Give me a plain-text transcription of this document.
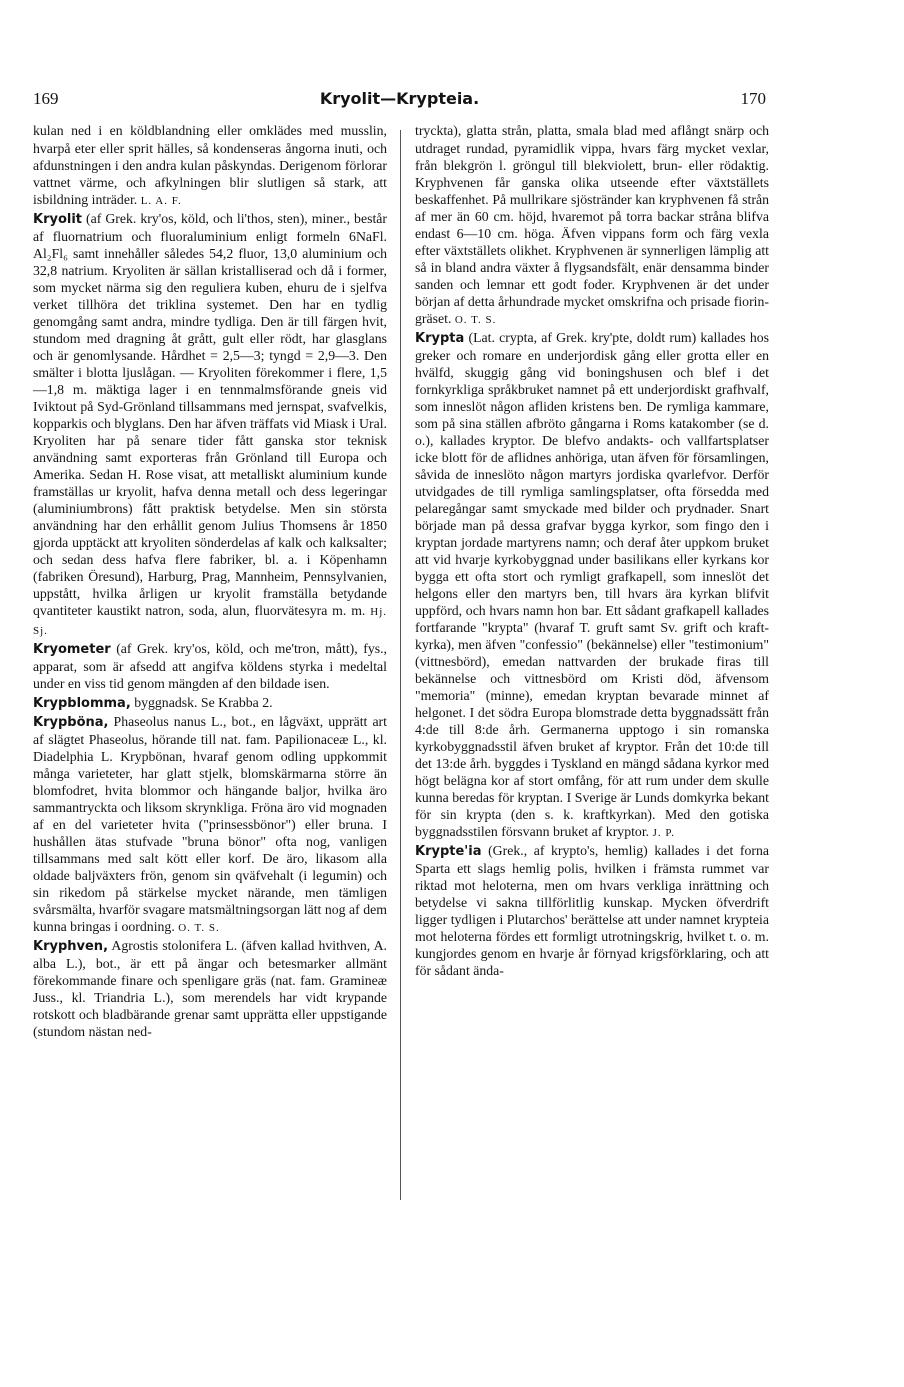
169	Kryolit—Krypteia.	170

kulan ned i en köldblandning eller omklädes med musslin, hvarpå eter eller sprit hälles, så kondenseras ångorna inuti, och afdunstningen i den andra kulan påskyndas. Derigenom förlorar vattnet värme, och afkylningen blir slutligen så stark, att isbildning inträder. L. A. F.

Kryolit (af Grek. kry'os, köld, och li'thos, sten), miner., består af fluornatrium och fluoraluminium enligt formeln 6NaFl. Al₂Fl₆ samt innehåller således 54,2 fluor, 13,0 aluminium och 32,8 natrium. Kryoliten är sällan kristalliserad och då i former, som mycket närma sig den reguliera kuben, ehuru de i sjelfva verket tillhöra det triklina systemet. Den har en tydlig genomgång samt andra, mindre tydliga. Den är till färgen hvit, stundom med dragning åt grått, gult eller rödt, har glasglans och är genomlysande. Hårdhet = 2,5—3; tyngd = 2,9—3. Den smälter i blotta ljuslågan. — Kryoliten förekommer i flere, 1,5—1,8 m. mäktiga lager i en tennmalmsförande gneis vid Iviktout på Syd-Grönland tillsammans med jernspat, svafvelkis, kopparkis och blyglans. Den har äfven träffats vid Miask i Ural. Kryoliten har på senare tider fått ganska stor teknisk användning samt exporteras från Grönland till Europa och Amerika. Sedan H. Rose visat, att metalliskt aluminium kunde framställas ur kryolit, hafva denna metall och dess legeringar (aluminiumbrons) fått praktisk betydelse. Men sin största användning har den erhållit genom Julius Thomsens år 1850 gjorda upptäckt att kryoliten sönderdelas af kalk och kalksalter; och sedan dess hafva flere fabriker, bl. a. i Köpenhamn (fabriken Öresund), Harburg, Prag, Mannheim, Pennsylvanien, uppstått, hvilka årligen ur kryolit framställa betydande qvantiteter kaustikt natron, soda, alun, fluorvätesyra m. m. Hj. Sj.

Kryometer (af Grek. kry'os, köld, och me'tron, mått), fys., apparat, som är afsedd att angifva köldens styrka i medeltal under en viss tid genom mängden af den bildade isen.

Krypblomma, byggnadsk. Se Krabba 2.

Krypböna, Phaseolus nanus L., bot., en lågväxt, upprätt art af slägtet Phaseolus, hörande till nat. fam. Papilionaceæ L., kl. Diadelphia L. Krypbönan, hvaraf genom odling uppkommit många varieteter, har glatt stjelk, blomskärmarna större än blomfodret, hvita blommor och hängande baljor, hvilka äro sammantryckta och liksom skrynkliga. Fröna äro vid mognaden af en del varieteter hvita ("prinsessbönor") eller bruna. I hushållen ätas stufvade "bruna bönor" ofta nog, vanligen tillsammans med salt kött eller korf. De äro, likasom alla oldade baljväxters frön, genom sin qväfvehalt (i legumin) och sin rikedom på stärkelse mycket närande, men tämligen svårsmälta, hvarför svagare matsmältningsorgan lätt nog af dem kunna bringas i oordning. O. T. S.

Kryphven, Agrostis stolonifera L. (äfven kallad hvithven, A. alba L.), bot., är ett på ängar och betesmarker allmänt förekommande finare och spenligare gräs (nat. fam. Gramineæ Juss., kl. Triandria L.), som merendels har vidt krypande rotskott och bladbärande grenar samt upprätta eller uppstigande (stundom nästan ned-

tryckta), glatta strån, platta, smala blad med aflångt snärp och utdraget rundad, pyramidlik vippa, hvars färg mycket vexlar, från blekgrön l. gröngul till blekviolett, brun- eller rödaktig. Kryphvenen får ganska olika utseende efter växtställets beskaffenhet. På mullrikare sjöstränder kan kryphvenen få strån af mer än 60 cm. höjd, hvaremot på torra backar stråna blifva endast 6—10 cm. höga. Äfven vippans form och färg vexla efter växtställets olikhet. Kryphvenen är synnerligen lämplig att så in bland andra växter å flygsandsfält, enär densamma binder sanden och lemnar ett godt foder. Kryphvenen är det under början af detta århundrade mycket omskrifna och prisade fiorin-gräset. O. T. S.

Krypta (Lat. crypta, af Grek. kry'pte, doldt rum) kallades hos greker och romare en underjordisk gång eller grotta eller en hvälfd, skuggig gång vid boningshusen och blef i det fornkyrkliga språkbruket namnet på ett underjordiskt grafhvalf, som inneslöt någon afliden kristens ben. De rymliga kammare, som på sina ställen afbröto gångarna i Roms katakomber (se d. o.), kallades kryptor. De blefvo andakts- och vallfartsplatser icke blott för de aflidnes anhöriga, utan äfven för församlingen, såvida de inneslöto någon martyrs jordiska qvarlefvor. Derför utvidgades de till rymliga samlingsplatser, ofta försedda med pelaregångar samt smyckade med bilder och prydnader. Snart började man på dessa grafvar bygga kyrkor, som fingo den i kryptan jordade martyrens namn; och deraf åter uppkom bruket att vid hvarje kyrkobyggnad under basilikans eller kyrkans kor bygga ett ofta stort och rymligt grafkapell, som inneslöt det helgons eller den martyrs ben, till hvars ära kyrkan blifvit uppförd, och hvars namn hon bar. Ett sådant grafkapell kallades fortfarande "krypta" (hvaraf T. gruft samt Sv. grift och kraft-kyrka), men äfven "confessio" (bekännelse) eller "testimonium" (vittnesbörd), emedan nattvarden der brukade firas till bekännelse och vittnesbörd om Kristi död, äfvensom "memoria" (minne), emedan kryptan bevarade minnet af helgonet. I det södra Europa blomstrade detta byggnadssätt från 4:de till 8:de årh. Germanerna upptogo i sin romanska kyrkobyggnadsstil äfven bruket af kryptor. Från det 10:de till det 13:de årh. byggdes i Tyskland en mängd sådana kyrkor med högt belägna kor af stort omfång, för att rum under dem skulle kunna beredas för kryptan. I Sverige är Lunds domkyrka bekant för sin krypta (den s. k. kraftkyrkan). Med den gotiska byggnadsstilen försvann bruket af kryptor. J. P.

Krypte'ia (Grek., af krypto's, hemlig) kallades i det forna Sparta ett slags hemlig polis, hvilken i främsta rummet var riktad mot heloterna, men om hvars verkliga inrättning och betydelse vi sakna tillförlitlig kunskap. Mycken öfverdrift ligger tydligen i Plutarchos' berättelse att under namnet krypteia mot heloterna fördes ett formligt utrotningskrig, hvilket t. o. m. kungjordes genom en hvarje år förnyad krigsförklaring, och att för sådant ända-
